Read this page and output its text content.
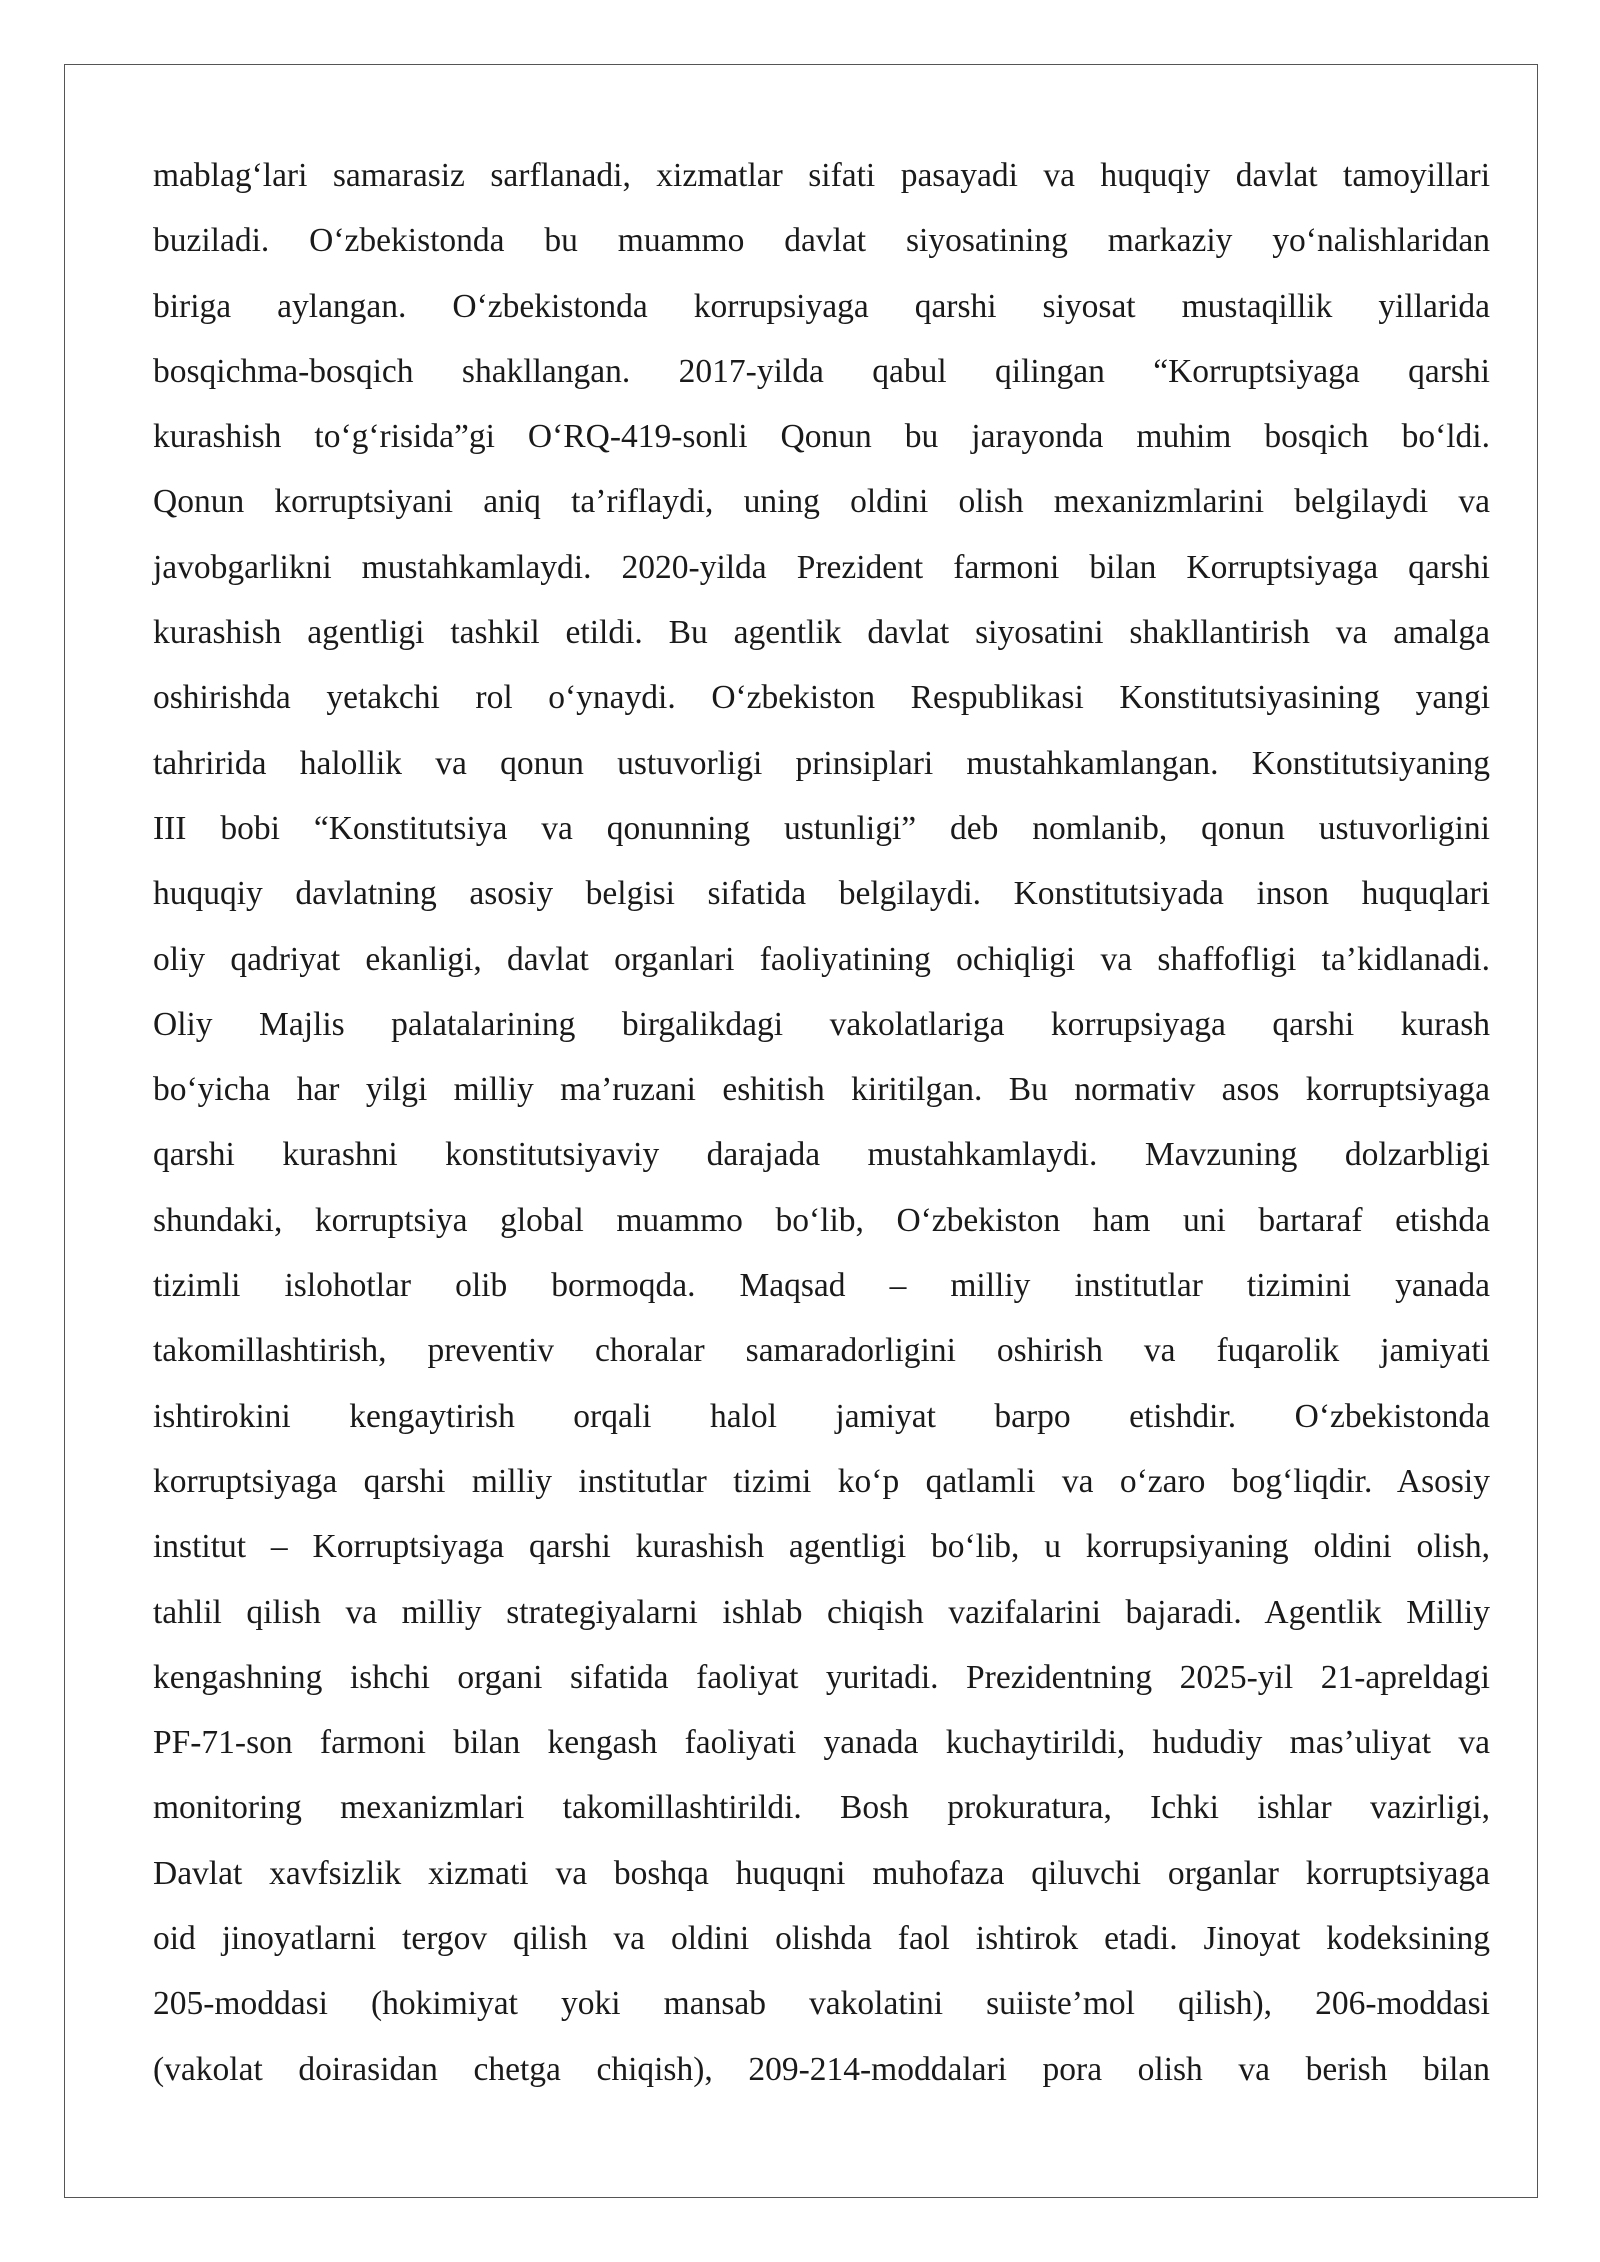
mablag‘lari samarasiz sarflanadi, xizmatlar sifati pasayadi va huquqiy davlat tamoyillari
buziladi. O‘zbekistonda bu muammo davlat siyosatining markaziy yo‘nalishlaridan
biriga aylangan. O‘zbekistonda korrupsiyaga qarshi siyosat mustaqillik yillarida
bosqichma-bosqich shakllangan. 2017-yilda qabul qilingan “Korruptsiyaga qarshi
kurashish to‘g‘risida”gi O‘RQ-419-sonli Qonun bu jarayonda muhim bosqich bo‘ldi.
Qonun korruptsiyani aniq ta’riflaydi, uning oldini olish mexanizmlarini belgilaydi va
javobgarlikni mustahkamlaydi. 2020-yilda Prezident farmoni bilan Korruptsiyaga qarshi
kurashish agentligi tashkil etildi. Bu agentlik davlat siyosatini shakllantirish va amalga
oshirishda yetakchi rol o‘ynaydi. O‘zbekiston Respublikasi Konstitutsiyasining yangi
tahririda halollik va qonun ustuvorligi prinsiplari mustahkamlangan. Konstitutsiyaning
III bobi “Konstitutsiya va qonunning ustunligi” deb nomlanib, qonun ustuvorligini
huquqiy davlatning asosiy belgisi sifatida belgilaydi. Konstitutsiyada inson huquqlari
oliy qadriyat ekanligi, davlat organlari faoliyatining ochiqligi va shaffofligi ta’kidlanadi.
Oliy Majlis palatalarining birgalikdagi vakolatlariga korrupsiyaga qarshi kurash
bo‘yicha har yilgi milliy ma’ruzani eshitish kiritilgan. Bu normativ asos korruptsiyaga
qarshi kurashni konstitutsiyaviy darajada mustahkamlaydi. Mavzuning dolzarbligi
shundaki, korruptsiya global muammo bo‘lib, O‘zbekiston ham uni bartaraf etishda
tizimli islohotlar olib bormoqda. Maqsad – milliy institutlar tizimini yanada
takomillashtirish, preventiv choralar samaradorligini oshirish va fuqarolik jamiyati
ishtirokini kengaytirish orqali halol jamiyat barpo etishdir. O‘zbekistonda
korruptsiyaga qarshi milliy institutlar tizimi ko‘p qatlamli va o‘zaro bog‘liqdir. Asosiy
institut – Korruptsiyaga qarshi kurashish agentligi bo‘lib, u korrupsiyaning oldini olish,
tahlil qilish va milliy strategiyalarni ishlab chiqish vazifalarini bajaradi. Agentlik Milliy
kengashning ishchi organi sifatida faoliyat yuritadi. Prezidentning 2025-yil 21-apreldagi
PF-71-son farmoni bilan kengash faoliyati yanada kuchaytirildi, hududiy mas’uliyat va
monitoring mexanizmlari takomillashtirildi. Bosh prokuratura, Ichki ishlar vazirligi,
Davlat xavfsizlik xizmati va boshqa huquqni muhofaza qiluvchi organlar korruptsiyaga
oid jinoyatlarni tergov qilish va oldini olishda faol ishtirok etadi. Jinoyat kodeksining
205-moddasi (hokimiyat yoki mansab vakolatini suiiste’mol qilish), 206-moddasi
(vakolat doirasidan chetga chiqish), 209-214-moddalari pora olish va berish bilan
